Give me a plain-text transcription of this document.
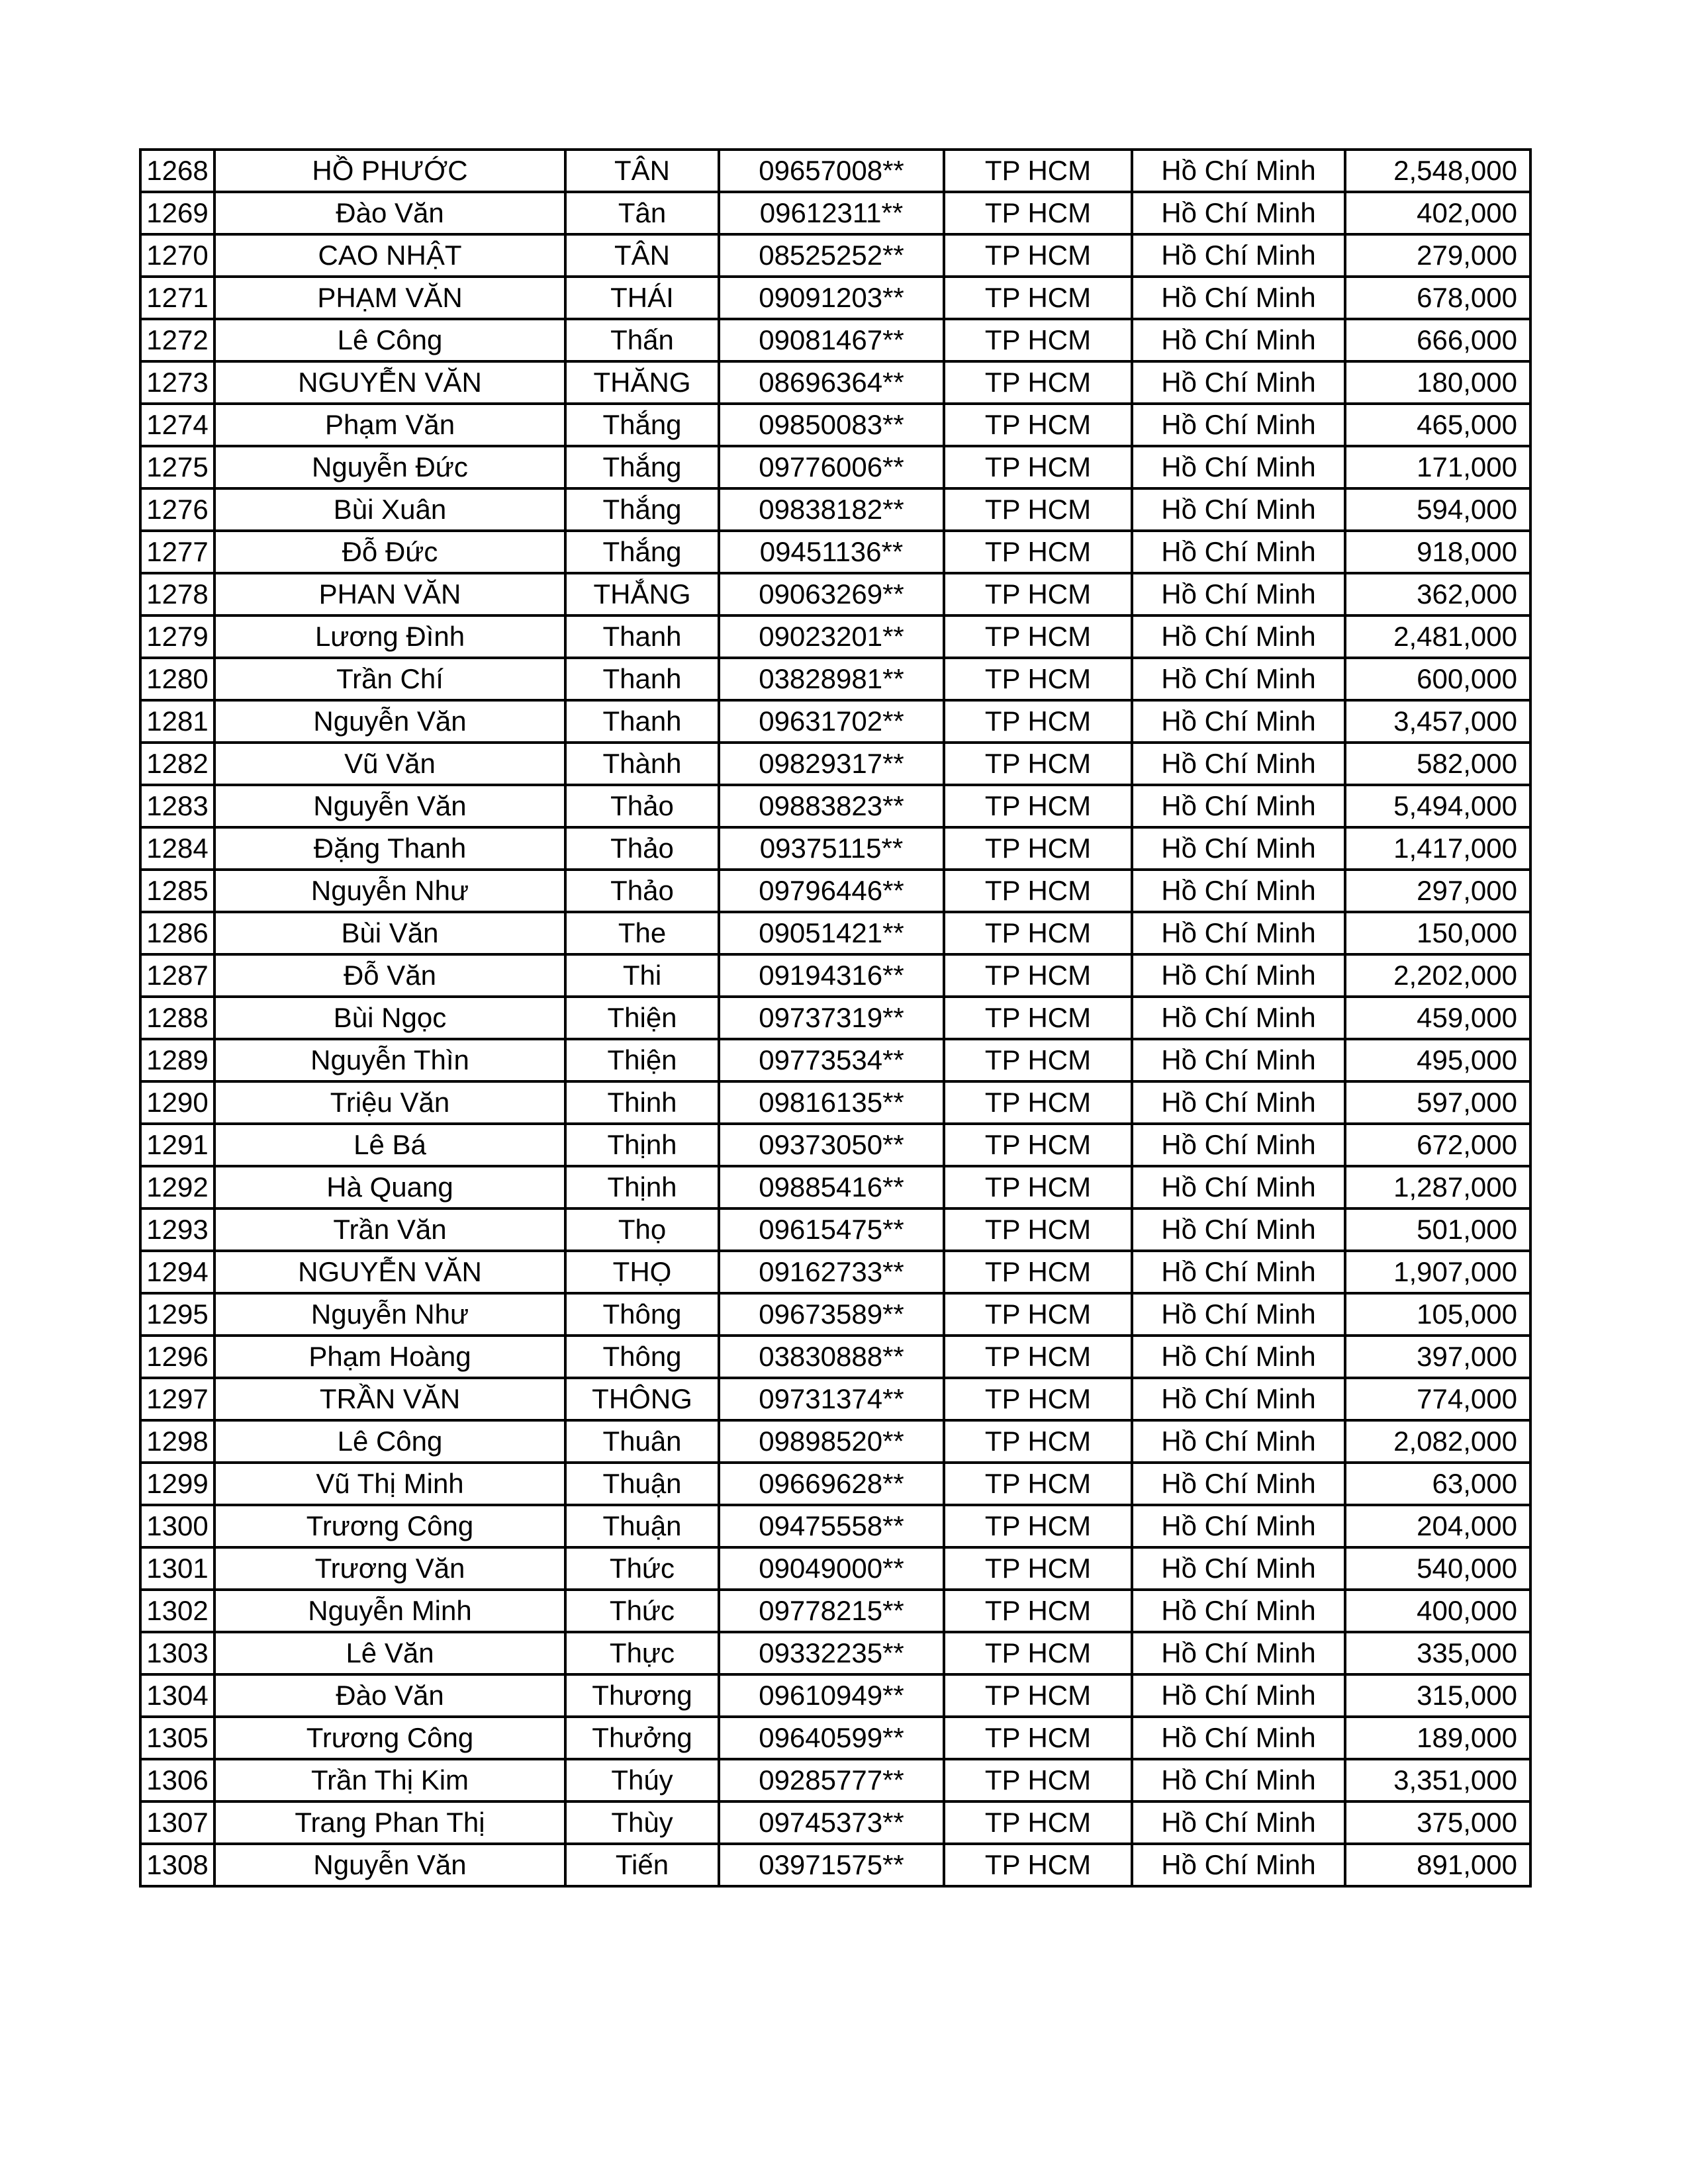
1268	HỒ PHƯỚC	TÂN	09657008**	TP HCM	Hồ Chí Minh	2,548,000
1269	Đào Văn	Tân	09612311**	TP HCM	Hồ Chí Minh	402,000
1270	CAO NHẬT	TÂN	08525252**	TP HCM	Hồ Chí Minh	279,000
1271	PHẠM VĂN	THÁI	09091203**	TP HCM	Hồ Chí Minh	678,000
1272	Lê Công	Thấn	09081467**	TP HCM	Hồ Chí Minh	666,000
1273	NGUYỄN VĂN	THĂNG	08696364**	TP HCM	Hồ Chí Minh	180,000
1274	Phạm Văn	Thắng	09850083**	TP HCM	Hồ Chí Minh	465,000
1275	Nguyễn Đức	Thắng	09776006**	TP HCM	Hồ Chí Minh	171,000
1276	Bùi Xuân	Thắng	09838182**	TP HCM	Hồ Chí Minh	594,000
1277	Đỗ Đức	Thắng	09451136**	TP HCM	Hồ Chí Minh	918,000
1278	PHAN VĂN	THẮNG	09063269**	TP HCM	Hồ Chí Minh	362,000
1279	Lương Đình	Thanh	09023201**	TP HCM	Hồ Chí Minh	2,481,000
1280	Trần Chí	Thanh	03828981**	TP HCM	Hồ Chí Minh	600,000
1281	Nguyễn Văn	Thanh	09631702**	TP HCM	Hồ Chí Minh	3,457,000
1282	Vũ Văn	Thành	09829317**	TP HCM	Hồ Chí Minh	582,000
1283	Nguyễn Văn	Thảo	09883823**	TP HCM	Hồ Chí Minh	5,494,000
1284	Đặng Thanh	Thảo	09375115**	TP HCM	Hồ Chí Minh	1,417,000
1285	Nguyễn Như	Thảo	09796446**	TP HCM	Hồ Chí Minh	297,000
1286	Bùi Văn	The	09051421**	TP HCM	Hồ Chí Minh	150,000
1287	Đỗ Văn	Thi	09194316**	TP HCM	Hồ Chí Minh	2,202,000
1288	Bùi Ngọc	Thiện	09737319**	TP HCM	Hồ Chí Minh	459,000
1289	Nguyễn Thìn	Thiện	09773534**	TP HCM	Hồ Chí Minh	495,000
1290	Triệu Văn	Thinh	09816135**	TP HCM	Hồ Chí Minh	597,000
1291	Lê Bá	Thịnh	09373050**	TP HCM	Hồ Chí Minh	672,000
1292	Hà Quang	Thịnh	09885416**	TP HCM	Hồ Chí Minh	1,287,000
1293	Trần Văn	Thọ	09615475**	TP HCM	Hồ Chí Minh	501,000
1294	NGUYỄN VĂN	THỌ	09162733**	TP HCM	Hồ Chí Minh	1,907,000
1295	Nguyễn Như	Thông	09673589**	TP HCM	Hồ Chí Minh	105,000
1296	Phạm Hoàng	Thông	03830888**	TP HCM	Hồ Chí Minh	397,000
1297	TRẦN VĂN	THÔNG	09731374**	TP HCM	Hồ Chí Minh	774,000
1298	Lê Công	Thuân	09898520**	TP HCM	Hồ Chí Minh	2,082,000
1299	Vũ Thị Minh	Thuận	09669628**	TP HCM	Hồ Chí Minh	63,000
1300	Trương Công	Thuận	09475558**	TP HCM	Hồ Chí Minh	204,000
1301	Trương Văn	Thức	09049000**	TP HCM	Hồ Chí Minh	540,000
1302	Nguyễn Minh	Thức	09778215**	TP HCM	Hồ Chí Minh	400,000
1303	Lê Văn	Thực	09332235**	TP HCM	Hồ Chí Minh	335,000
1304	Đào Văn	Thương	09610949**	TP HCM	Hồ Chí Minh	315,000
1305	Trương Công	Thưởng	09640599**	TP HCM	Hồ Chí Minh	189,000
1306	Trần Thị Kim	Thúy	09285777**	TP HCM	Hồ Chí Minh	3,351,000
1307	Trang Phan Thị	Thùy	09745373**	TP HCM	Hồ Chí Minh	375,000
1308	Nguyễn Văn	Tiến	03971575**	TP HCM	Hồ Chí Minh	891,000
